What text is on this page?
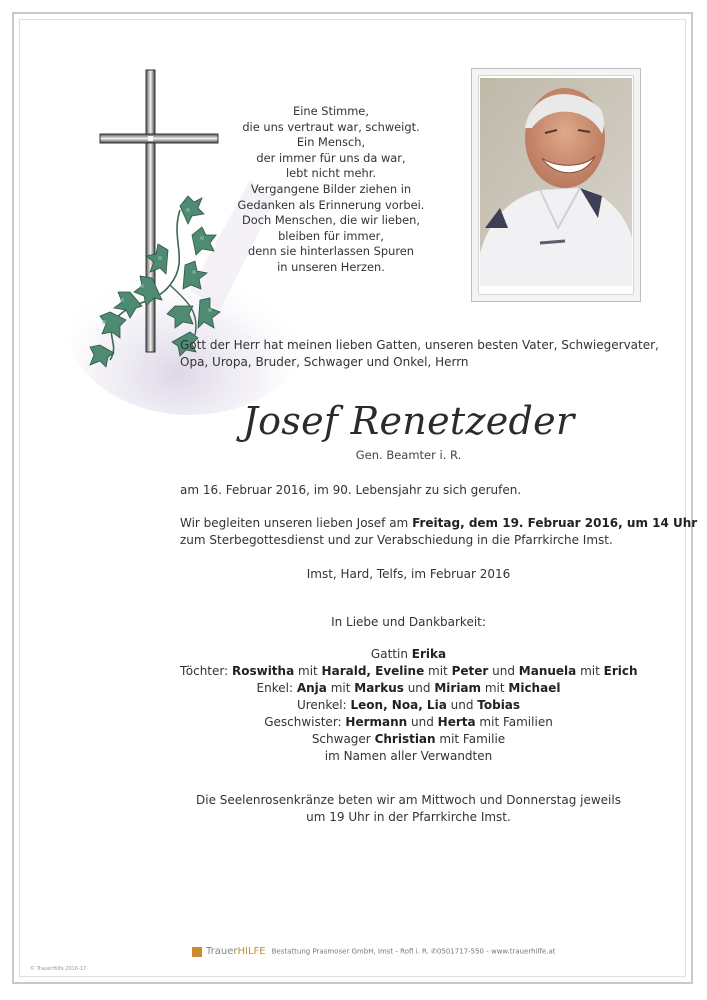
Eine Stimme,
die uns vertraut war, schweigt.
Ein Mensch,
der immer für uns da war,
lebt nicht mehr.
Vergangene Bilder ziehen in
Gedanken als Erinnerung vorbei.
Doch Menschen, die wir lieben,
bleiben für immer,
denn sie hinterlassen Spuren
in unseren Herzen.
Gott der Herr hat meinen lieben Gatten, unseren besten Vater, Schwiegervater,
Opa, Uropa, Bruder, Schwager und Onkel, Herrn
Josef Renetzeder
Gen. Beamter i. R.
am 16. Februar 2016, im 90. Lebensjahr zu sich gerufen.
Wir begleiten unseren lieben Josef am Freitag, dem 19. Februar 2016, um 14 Uhr
zum Sterbegottesdienst und zur Verabschiedung in die Pfarrkirche Imst.
Imst, Hard, Telfs, im Februar 2016
In Liebe und Dankbarkeit:
Gattin Erika
Töchter: Roswitha mit Harald, Eveline mit Peter und Manuela mit Erich
Enkel: Anja mit Markus und Miriam mit Michael
Urenkel: Leon, Noa, Lia und Tobias
Geschwister: Hermann und Herta mit Familien
Schwager Christian mit Familie
im Namen aller Verwandten
Die Seelenrosenkränze beten wir am Mittwoch und Donnerstag jeweils
um 19 Uhr in der Pfarrkirche Imst.
TrauerHILFE Bestattung Prasmoser GmbH, Imst - Rofl i. R. ✆0501717-550 - www.trauerhilfe.at
© TrauerHilfe 2016-17
